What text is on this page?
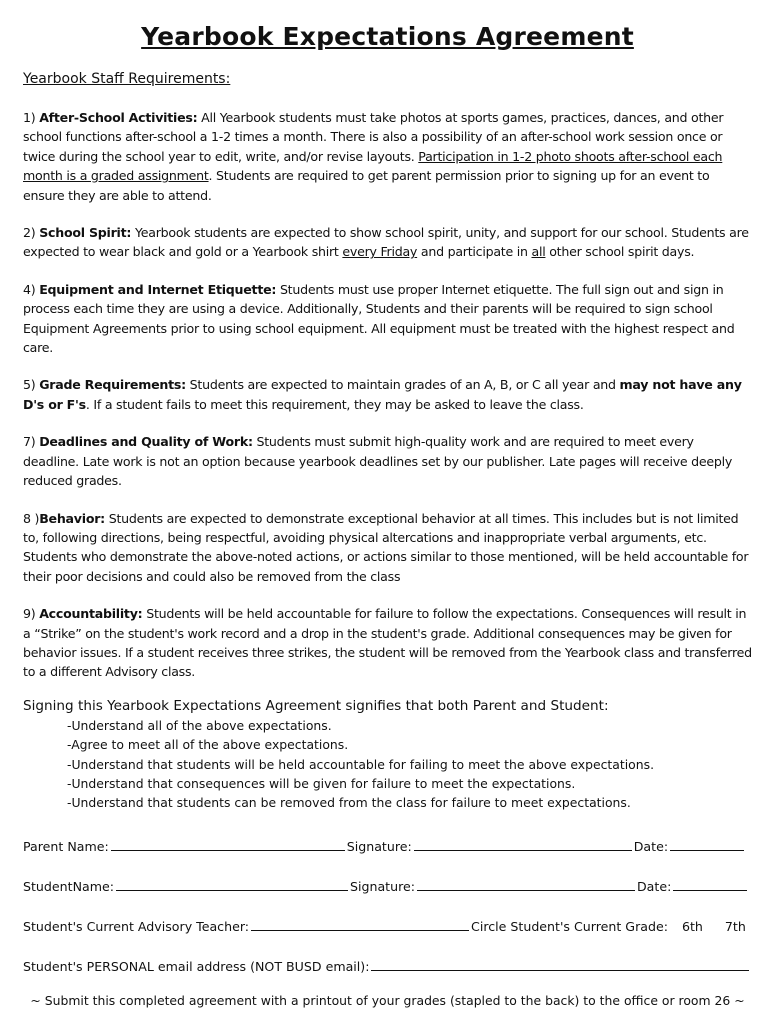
Yearbook Expectations Agreement
Yearbook Staff Requirements:
1) After-School Activities: All Yearbook students must take photos at sports games, practices, dances, and other school functions after-school a 1-2 times a month. There is also a possibility of an after-school work session once or twice during the school year to edit, write, and/or revise layouts. Participation in 1-2 photo shoots after-school each month is a graded assignment. Students are required to get parent permission prior to signing up for an event to ensure they are able to attend.
2) School Spirit: Yearbook students are expected to show school spirit, unity, and support for our school. Students are expected to wear black and gold or a Yearbook shirt every Friday and participate in all other school spirit days.
4) Equipment and Internet Etiquette: Students must use proper Internet etiquette. The full sign out and sign in process each time they are using a device. Additionally, Students and their parents will be required to sign school Equipment Agreements prior to using school equipment. All equipment must be treated with the highest respect and care.
5) Grade Requirements: Students are expected to maintain grades of an A, B, or C all year and may not have any D's or F's. If a student fails to meet this requirement, they may be asked to leave the class.
7) Deadlines and Quality of Work: Students must submit high-quality work and are required to meet every deadline. Late work is not an option because yearbook deadlines set by our publisher. Late pages will receive deeply reduced grades.
8 )Behavior: Students are expected to demonstrate exceptional behavior at all times. This includes but is not limited to, following directions, being respectful, avoiding physical altercations and inappropriate verbal arguments, etc. Students who demonstrate the above-noted actions, or actions similar to those mentioned, will be held accountable for their poor decisions and could also be removed from the class
9) Accountability: Students will be held accountable for failure to follow the expectations. Consequences will result in a “Strike” on the student's work record and a drop in the student's grade. Additional consequences may be given for behavior issues. If a student receives three strikes, the student will be removed from the Yearbook class and transferred to a different Advisory class.
Signing this Yearbook Expectations Agreement signifies that both Parent and Student:
-Understand all of the above expectations.
-Agree to meet all of the above expectations.
-Understand that students will be held accountable for failing to meet the above expectations.
-Understand that consequences will be given for failure to meet the expectations.
-Understand that students can be removed from the class for failure to meet expectations.
Parent Name:	Signature:	Date:
StudentName:	Signature:	Date:
Student's Current Advisory Teacher:	Circle Student's Current Grade: 6th 7th
Student's PERSONAL email address (NOT BUSD email):
~ Submit this completed agreement with a printout of your grades (stapled to the back) to the office or room 26 ~
